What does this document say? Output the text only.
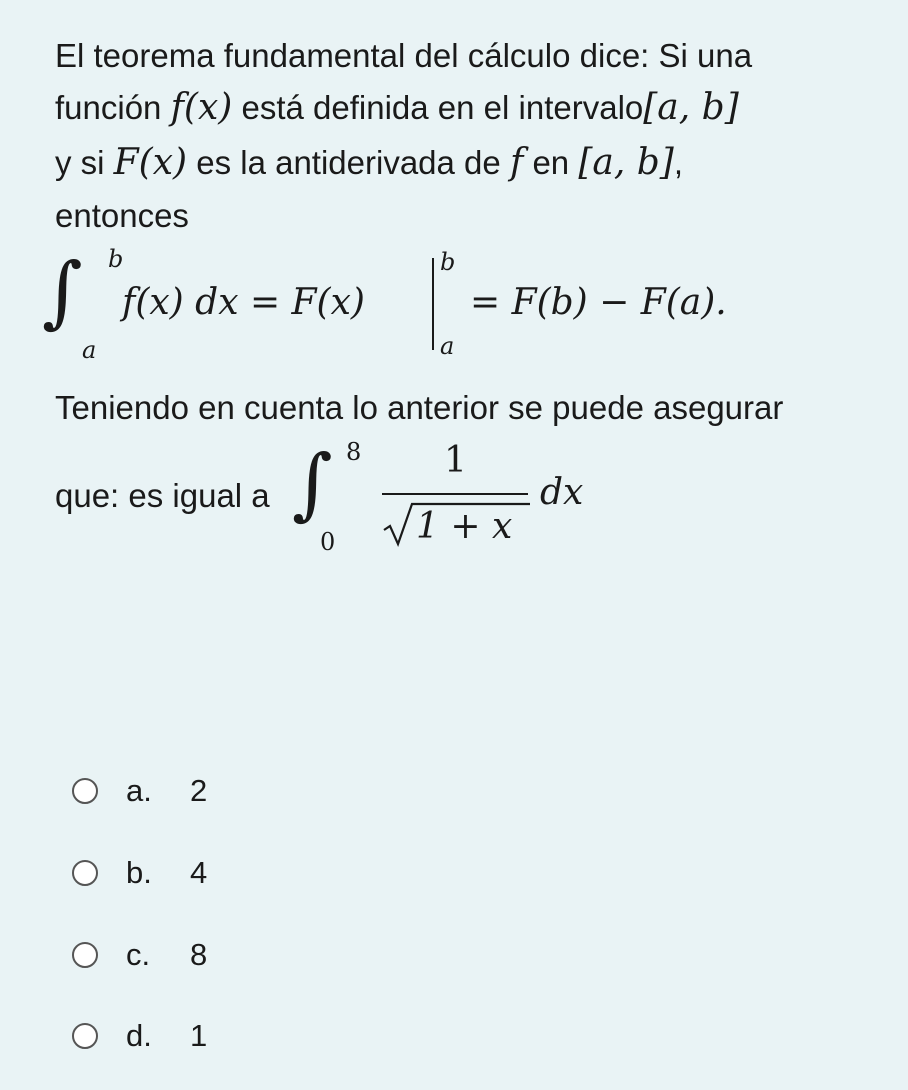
El teorema fundamental del cálculo dice: Si una
función f(x) está definida en el intervalo[a, b]
y si F(x) es la antiderivada de f en [a, b],
entonces
∫ b
a
f(x) dx = F(x)
b
a
= F(b) − F(a).
Teniendo en cuenta lo anterior se puede asegurar
que: es igual a ∫ 8
0
1
1 + x
dx
a. 2
b. 4
c. 8
d. 1
